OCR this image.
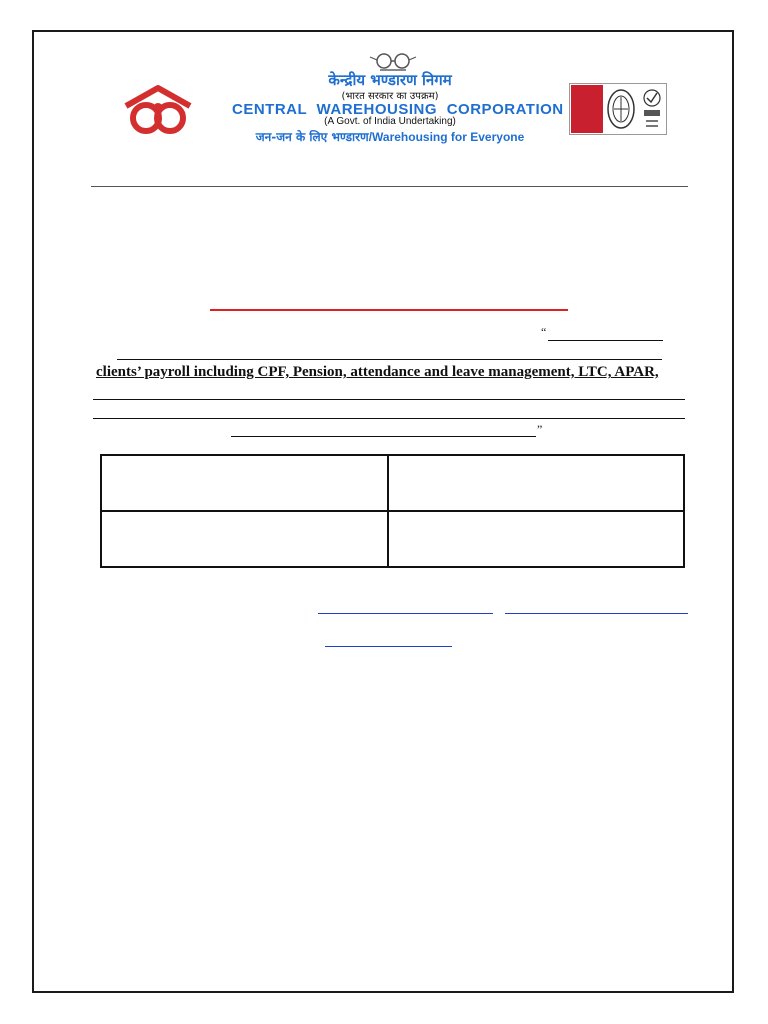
केन्द्रीय भण्डारण निगम
(भारत सरकार का उपक्रम)
CENTRAL WAREHOUSING CORPORATION
(A Govt. of India Undertaking)
जन-जन के लिए भण्डारण/Warehousing for Everyone
“
clients’ payroll including CPF, Pension, attendance and leave management, LTC, APAR,
”
